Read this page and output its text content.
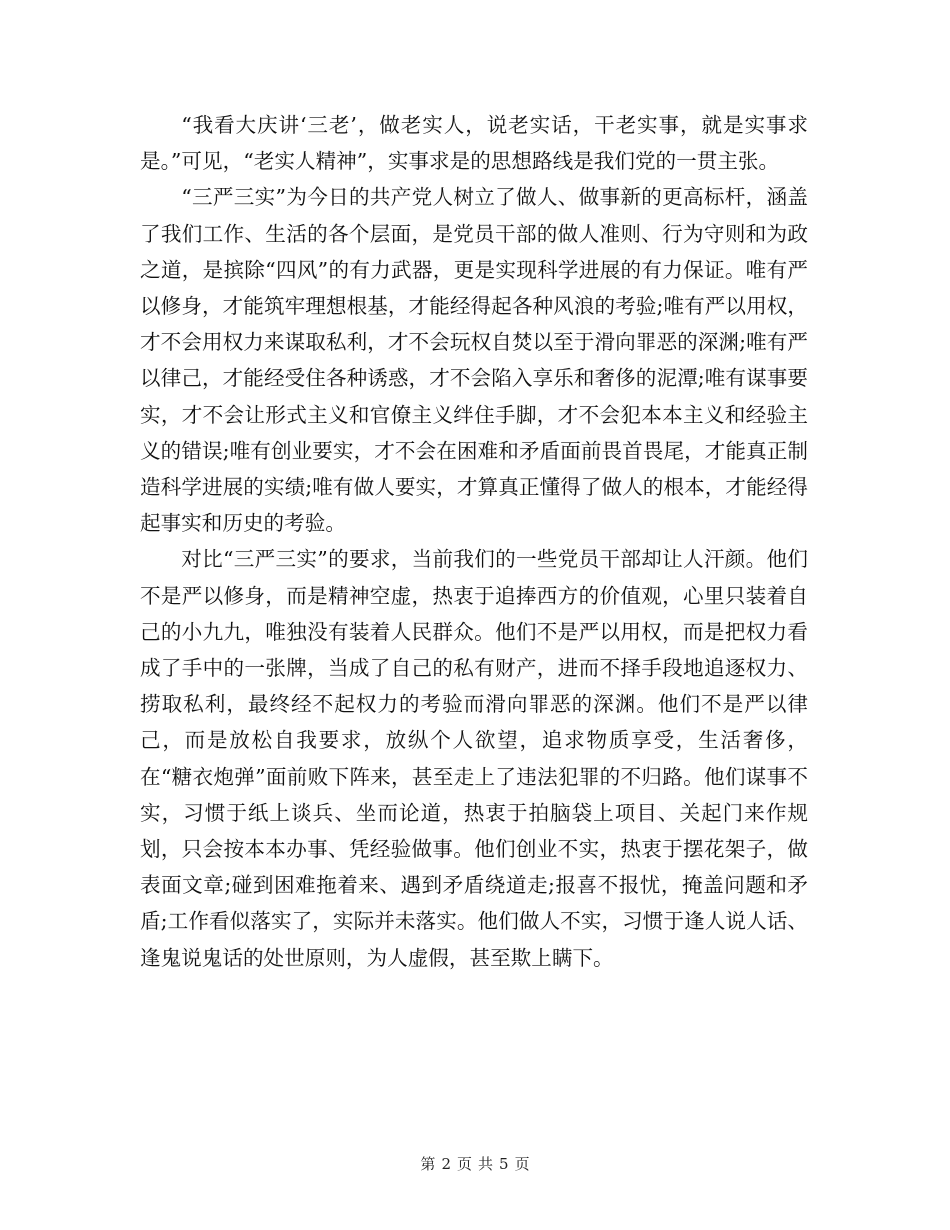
“我看大庆讲‘三老’，做老实人，说老实话，干老实事，就是实事求是。”可见，“老实人精神”，实事求是的思想路线是我们党的一贯主张。

“三严三实”为今日的共产党人树立了做人、做事新的更高标杆，涵盖了我们工作、生活的各个层面，是党员干部的做人准则、行为守则和为政之道，是摈除“四风”的有力武器，更是实现科学进展的有力保证。唯有严以修身，才能筑牢理想根基，才能经得起各种风浪的考验;唯有严以用权，才不会用权力来谋取私利，才不会玩权自焚以至于滑向罪恶的深渊;唯有严以律己，才能经受住各种诱惑，才不会陷入享乐和奢侈的泥潭;唯有谋事要实，才不会让形式主义和官僚主义绊住手脚，才不会犯本本主义和经验主义的错误;唯有创业要实，才不会在困难和矛盾面前畏首畏尾，才能真正制造科学进展的实绩;唯有做人要实，才算真正懂得了做人的根本，才能经得起事实和历史的考验。

对比“三严三实”的要求，当前我们的一些党员干部却让人汗颜。他们不是严以修身，而是精神空虚，热衷于追捧西方的价值观，心里只装着自己的小九九，唯独没有装着人民群众。他们不是严以用权，而是把权力看成了手中的一张牌，当成了自己的私有财产，进而不择手段地追逐权力、捞取私利，最终经不起权力的考验而滑向罪恶的深渊。他们不是严以律己，而是放松自我要求，放纵个人欲望，追求物质享受，生活奢侈，在“糖衣炮弹”面前败下阵来，甚至走上了违法犯罪的不归路。他们谋事不实，习惯于纸上谈兵、坐而论道，热衷于拍脑袋上项目、关起门来作规划，只会按本本办事、凭经验做事。他们创业不实，热衷于摆花架子，做表面文章;碰到困难拖着来、遇到矛盾绕道走;报喜不报忧，掩盖问题和矛盾;工作看似落实了，实际并未落实。他们做人不实，习惯于逢人说人话、逢鬼说鬼话的处世原则，为人虚假，甚至欺上瞒下。

第 2 页 共 5 页
